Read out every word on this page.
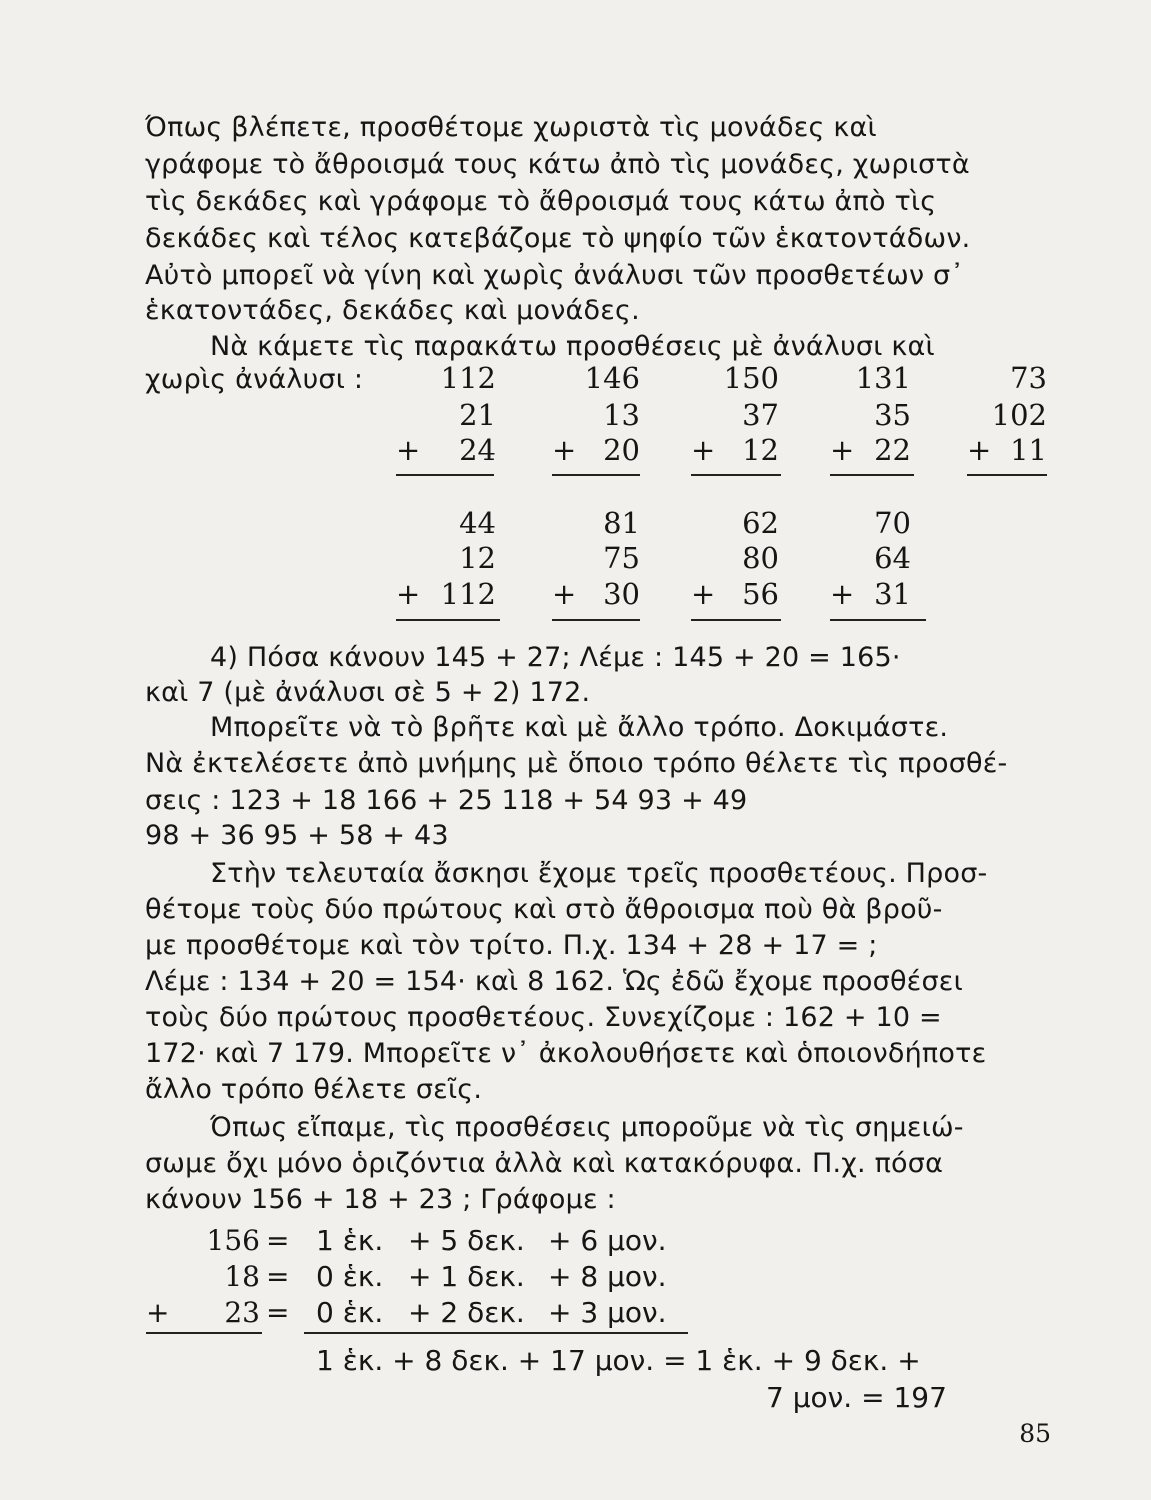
Όπως βλέπετε, προσθέτομε χωριστὰ τὶς μονάδες καὶ
γράφομε τὸ ἄθροισμά τους κάτω ἀπὸ τὶς μονάδες, χωριστὰ
τὶς δεκάδες καὶ γράφομε τὸ ἄθροισμά τους κάτω ἀπὸ τὶς
δεκάδες καὶ τέλος κατεβάζομε τὸ ψηφίο τῶν ἑκατοντάδων.
Αὐτὸ μπορεῖ νὰ γίνη καὶ χωρὶς ἀνάλυσι τῶν προσθετέων σ᾽
ἑκατοντάδες, δεκάδες καὶ μονάδες.
Νὰ κάμετε τὶς παρακάτω προσθέσεις μὲ ἀνάλυσι καὶ
χωρὶς ἀνάλυσι :	112
21
+ 24
146
13
+ 20
150
37
+ 12
131
35
+ 22
73
102
+ 11
44
12
+ 112
81
75
+ 30
62
80
+ 56
70
64
+ 31
4) Πόσα κάνουν 145 + 27; Λέμε : 145 + 20 = 165·
καὶ 7 (μὲ ἀνάλυσι σὲ 5 + 2) 172.
Μπορεῖτε νὰ τὸ βρῆτε καὶ μὲ ἄλλο τρόπο. Δοκιμάστε.
Νὰ ἐκτελέσετε ἀπὸ μνήμης μὲ ὅποιο τρόπο θέλετε τὶς προσθέ-
σεις : 123 + 18 166 + 25 118 + 54 93 + 49
98 + 36 95 + 58 + 43
Στὴν τελευταία ἄσκησι ἔχομε τρεῖς προσθετέους. Προσ-
θέτομε τοὺς δύο πρώτους καὶ στὸ ἄθροισμα ποὺ θὰ βροῦ-
με προσθέτομε καὶ τὸν τρίτο. Π.χ. 134 + 28 + 17 = ;
Λέμε : 134 + 20 = 154· καὶ 8 162. Ὡς ἐδῶ ἔχομε προσθέσει
τοὺς δύο πρώτους προσθετέους. Συνεχίζομε : 162 + 10 =
172· καὶ 7 179. Μπορεῖτε ν᾽ ἀκολουθήσετε καὶ ὁποιονδήποτε
ἄλλο τρόπο θέλετε σεῖς.
Όπως εἴπαμε, τὶς προσθέσεις μποροῦμε νὰ τὶς σημειώ-
σωμε ὄχι μόνο ὁριζόντια ἀλλὰ καὶ κατακόρυφα. Π.χ. πόσα
κάνουν 156 + 18 + 23 ; Γράφομε :
156 = 1 ἑκ. + 5 δεκ. + 6 μον.
18 = 0 ἑκ. + 1 δεκ. + 8 μον.
+ 23 = 0 ἑκ. + 2 δεκ. + 3 μον.
1 ἑκ. + 8 δεκ. + 17 μον. = 1 ἑκ. + 9 δεκ. +
7 μον. = 197
85
